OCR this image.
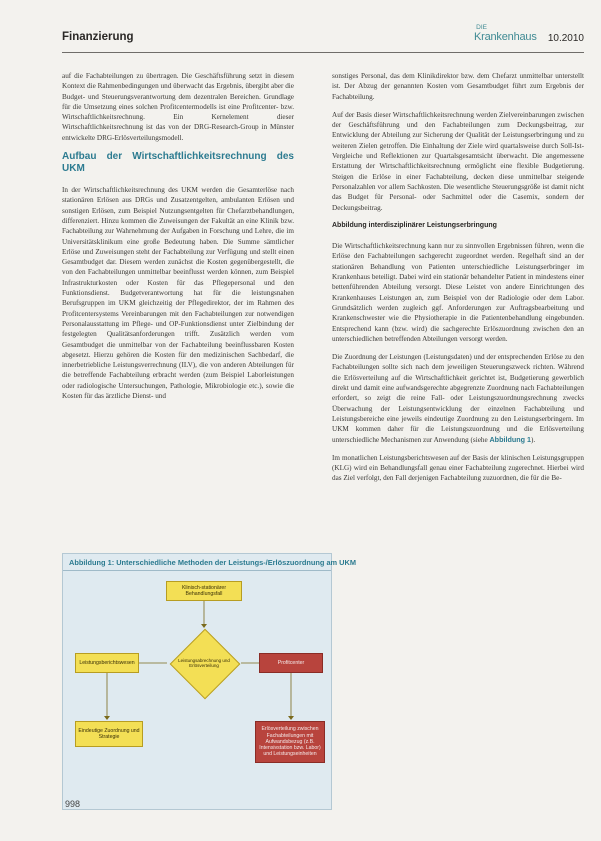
Finanzierung
DIE
Krankenhaus 10.2010

auf die Fachabteilungen zu übertragen. Die Geschäftsführung setzt in diesem Kontext die Rahmenbedingungen und überwacht das Ergebnis, übergibt aber die Budget- und Steuerungsverantwortung dem dezentralen Bereichen. Grundlage für die Umsetzung eines solchen Profitcentermodells ist eine Profitcenter- bzw. Wirtschaftlichkeitsrechnung. Ein Kernelement dieser Wirtschaftlichkeitsrechnung ist das von der DRG-Research-Group in Münster entwickelte DRG-Erlösverteilungsmodell.

Aufbau der Wirtschaftlichkeitsrechnung des UKM

In der Wirtschaftlichkeitsrechnung des UKM werden die Gesamterlöse nach stationären Erlösen aus DRGs und Zusatzentgelten, ambulanten Erlösen und sonstigen Erlösen, zum Beispiel Nutzungsentgelten für Chefarztbehandlungen, differenziert. Hinzu kommen die Zuweisungen der Fakultät an eine Klinik bzw. Fachabteilung zur Wahrnehmung der Aufgaben in Forschung und Lehre, die im Universitätsklinikum eine große Bedeutung haben. Die Summe sämtlicher Erlöse und Zuweisungen steht der Fachabteilung zur Verfügung und stellt einen Gesamtbudget dar. Diesem werden zunächst die Kosten gegenübergestellt, die von den Fachabteilungen unmittelbar beeinflusst werden können, zum Beispiel Infrastrukturkosten oder Kosten für das Pflegepersonal und den Funktionsdienst. Budgetverantwortung hat für die leistungsnahen Berufsgruppen im UKM gleichzeitig der Pflegedirektor, der im Rahmen des Profitcentersystems Vereinbarungen mit den Fachabteilungen zur notwendigen Personalausstattung im Pflege- und OP-Funktionsdienst unter Zielbindung der festgelegten Qualitätsanforderungen trifft. Zusätzlich werden vom Gesamtbudget die unmittelbar von der Fachabteilung beeinflussbaren Kosten abgesetzt. Hierzu gehören die Kosten für den medizinischen Sachbedarf, die innerbetriebliche Leistungsverrechnung (ILV), die von anderen Abteilungen für die betreffende Fachabteilung erbracht werden (zum Beispiel Laborleistungen oder radiologische Untersuchungen, Pathologie, Mikrobiologie etc.), sowie die Kosten für das ärztliche Dienst- und

sonstiges Personal, das dem Klinikdirektor bzw. dem Chefarzt unmittelbar unterstellt ist. Der Abzug der genannten Kosten vom Gesamtbudget führt zum Ergebnis der Fachabteilung.

Auf der Basis dieser Wirtschaftlichkeitsrechnung werden Zielvereinbarungen zwischen der Geschäftsführung und den Fachabteilungen zum Deckungsbeitrag, zur Entwicklung der Abteilung zur Sicherung der Qualität der Leistungserbringung und zu weiteren Zielen getroffen. Die Einhaltung der Ziele wird quartalsweise durch Soll-Ist-Vergleiche und Reflektionen zur Quartalsgesamtsicht überwacht. Die angemessene Erstattung der Wirtschaftlichkeitsrechnung ermöglicht eine flexible Budgetierung. Steigen die Erlöse in einer Fachabteilung, decken diese unmittelbar steigende Personalzahlen vor allem Sachkosten. Die wesentliche Steuerungsgröße ist damit nicht das Budget für Personal- oder Sachmittel oder die Casemix, sondern der Deckungsbeitrag.

Abbildung interdisziplinärer Leistungserbringung

Die Wirtschaftlichkeitsrechnung kann nur zu sinnvollen Ergebnissen führen, wenn die Erlöse den Fachabteilungen sachgerecht zugeordnet werden. Regelhaft sind an der stationären Behandlung von Patienten unterschiedliche Leistungserbringer im Krankenhaus beteiligt. Dabei wird ein stationär behandelter Patient in mindestens einer bettenführenden Abteilung versorgt. Diese Leistet von andere Einrichtungen des Krankenhauses Leistungen an, zum Beispiel von der Radiologie oder dem Labor. Grundsätzlich werden zugleich ggf. Anforderungen zur Auftragsbearbeitung und Krankenschwester wie die Physiotherapie in die Patientenbehandlung eingebunden. Entsprechend kann (bzw. wird) die sachgerechte Erlöszuordnung zwischen den an unterschiedlichen betreffenden Abteilungen versorgt werden.

Die Zuordnung der Leistungen (Leistungsdaten) und der entsprechenden Erlöse zu den Fachabteilungen sollte sich nach dem jeweiligen Steuerungszweck richten. Während die Erlösverteilung auf die Wirtschaftlichkeit gerichtet ist, Budgetierung gewerblich direkt und damit eine aufwandsgerechte abgegrenzte Zuordnung nach Fachabteilungen erfordert, so zeigt die reine Fall- oder Leistungszuordnungsrechnung zwecks Überwachung der Leistungsentwicklung der einzelnen Fachabteilung und Leistungsbereiche eine jeweils eindeutige Zuordnung zu den Leistungserbringern. Im UKM kommen daher für die Leistungszuordnung und die Erlösverteilung unterschiedliche Mechanismen zur Anwendung (siehe Abbildung 1).

Im monatlichen Leistungsberichtswesen auf der Basis der klinischen Leistungsgruppen (KLG) wird ein Behandlungsfall genau einer Fachabteilung zugerechnet. Hierbei wird das Ziel verfolgt, den Fall derjenigen Fachabteilung zuzuordnen, die für die Be-

Abbildung 1: Unterschiedliche Methoden der Leistungs-/Erlöszuordnung am UKM
Klinisch-stationärer Behandlungsfall
Leistungsabrechnung und Erlösverteilung
Leistungsberichtswesen	Profitcenter
Eindeutige Zuordnung und Strategie
Erlösverteilung zwischen Fachabteilungen mit Aufwandsbezug (z.B. Intensivstation bzw. Labor) und Leistungseinheiten
998
